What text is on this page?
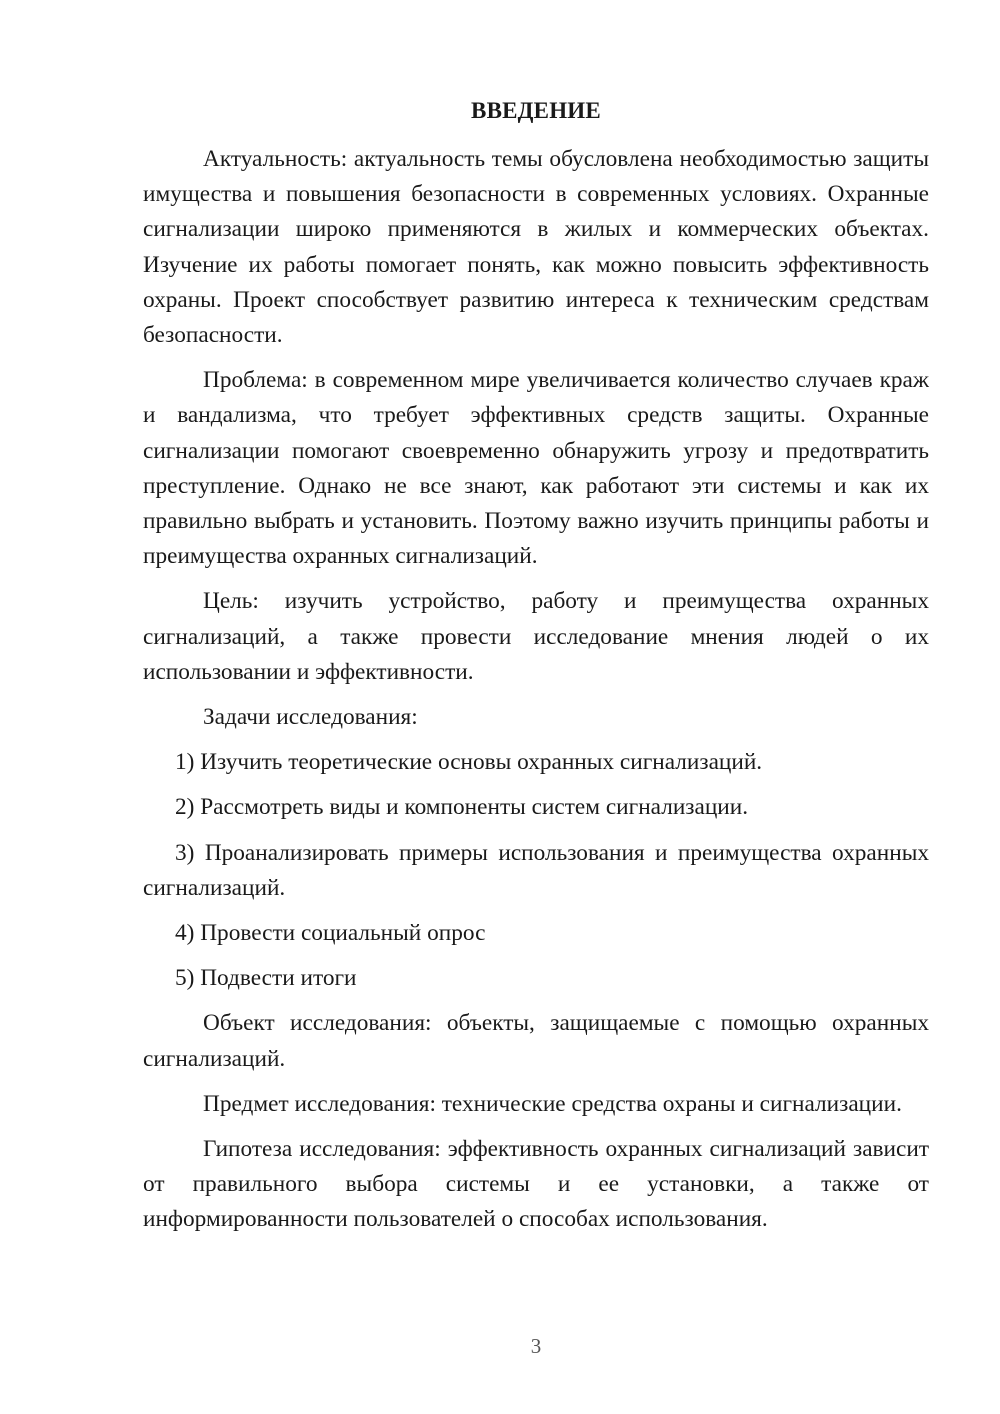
ВВЕДЕНИЕ

Актуальность: актуальность темы обусловлена необходимостью защиты имущества и повышения безопасности в современных условиях. Охранные сигнализации широко применяются в жилых и коммерческих объектах. Изучение их работы помогает понять, как можно повысить эффективность охраны. Проект способствует развитию интереса к техническим средствам безопасности.

Проблема: в современном мире увеличивается количество случаев краж и вандализма, что требует эффективных средств защиты. Охранные сигнализации помогают своевременно обнаружить угрозу и предотвратить преступление. Однако не все знают, как работают эти системы и как их правильно выбрать и установить. Поэтому важно изучить принципы работы и преимущества охранных сигнализаций.

Цель: изучить устройство, работу и преимущества охранных сигнализаций, а также провести исследование мнения людей о их использовании и эффективности.

Задачи исследования:

1) Изучить теоретические основы охранных сигнализаций.

2) Рассмотреть виды и компоненты систем сигнализации.

3) Проанализировать примеры использования и преимущества охранных сигнализаций.

4) Провести социальный опрос

5) Подвести итоги

Объект исследования: объекты, защищаемые с помощью охранных сигнализаций.

Предмет исследования: технические средства охраны и сигнализации.

Гипотеза исследования: эффективность охранных сигнализаций зависит от правильного выбора системы и ее установки, а также от информированности пользователей о способах использования.

3
